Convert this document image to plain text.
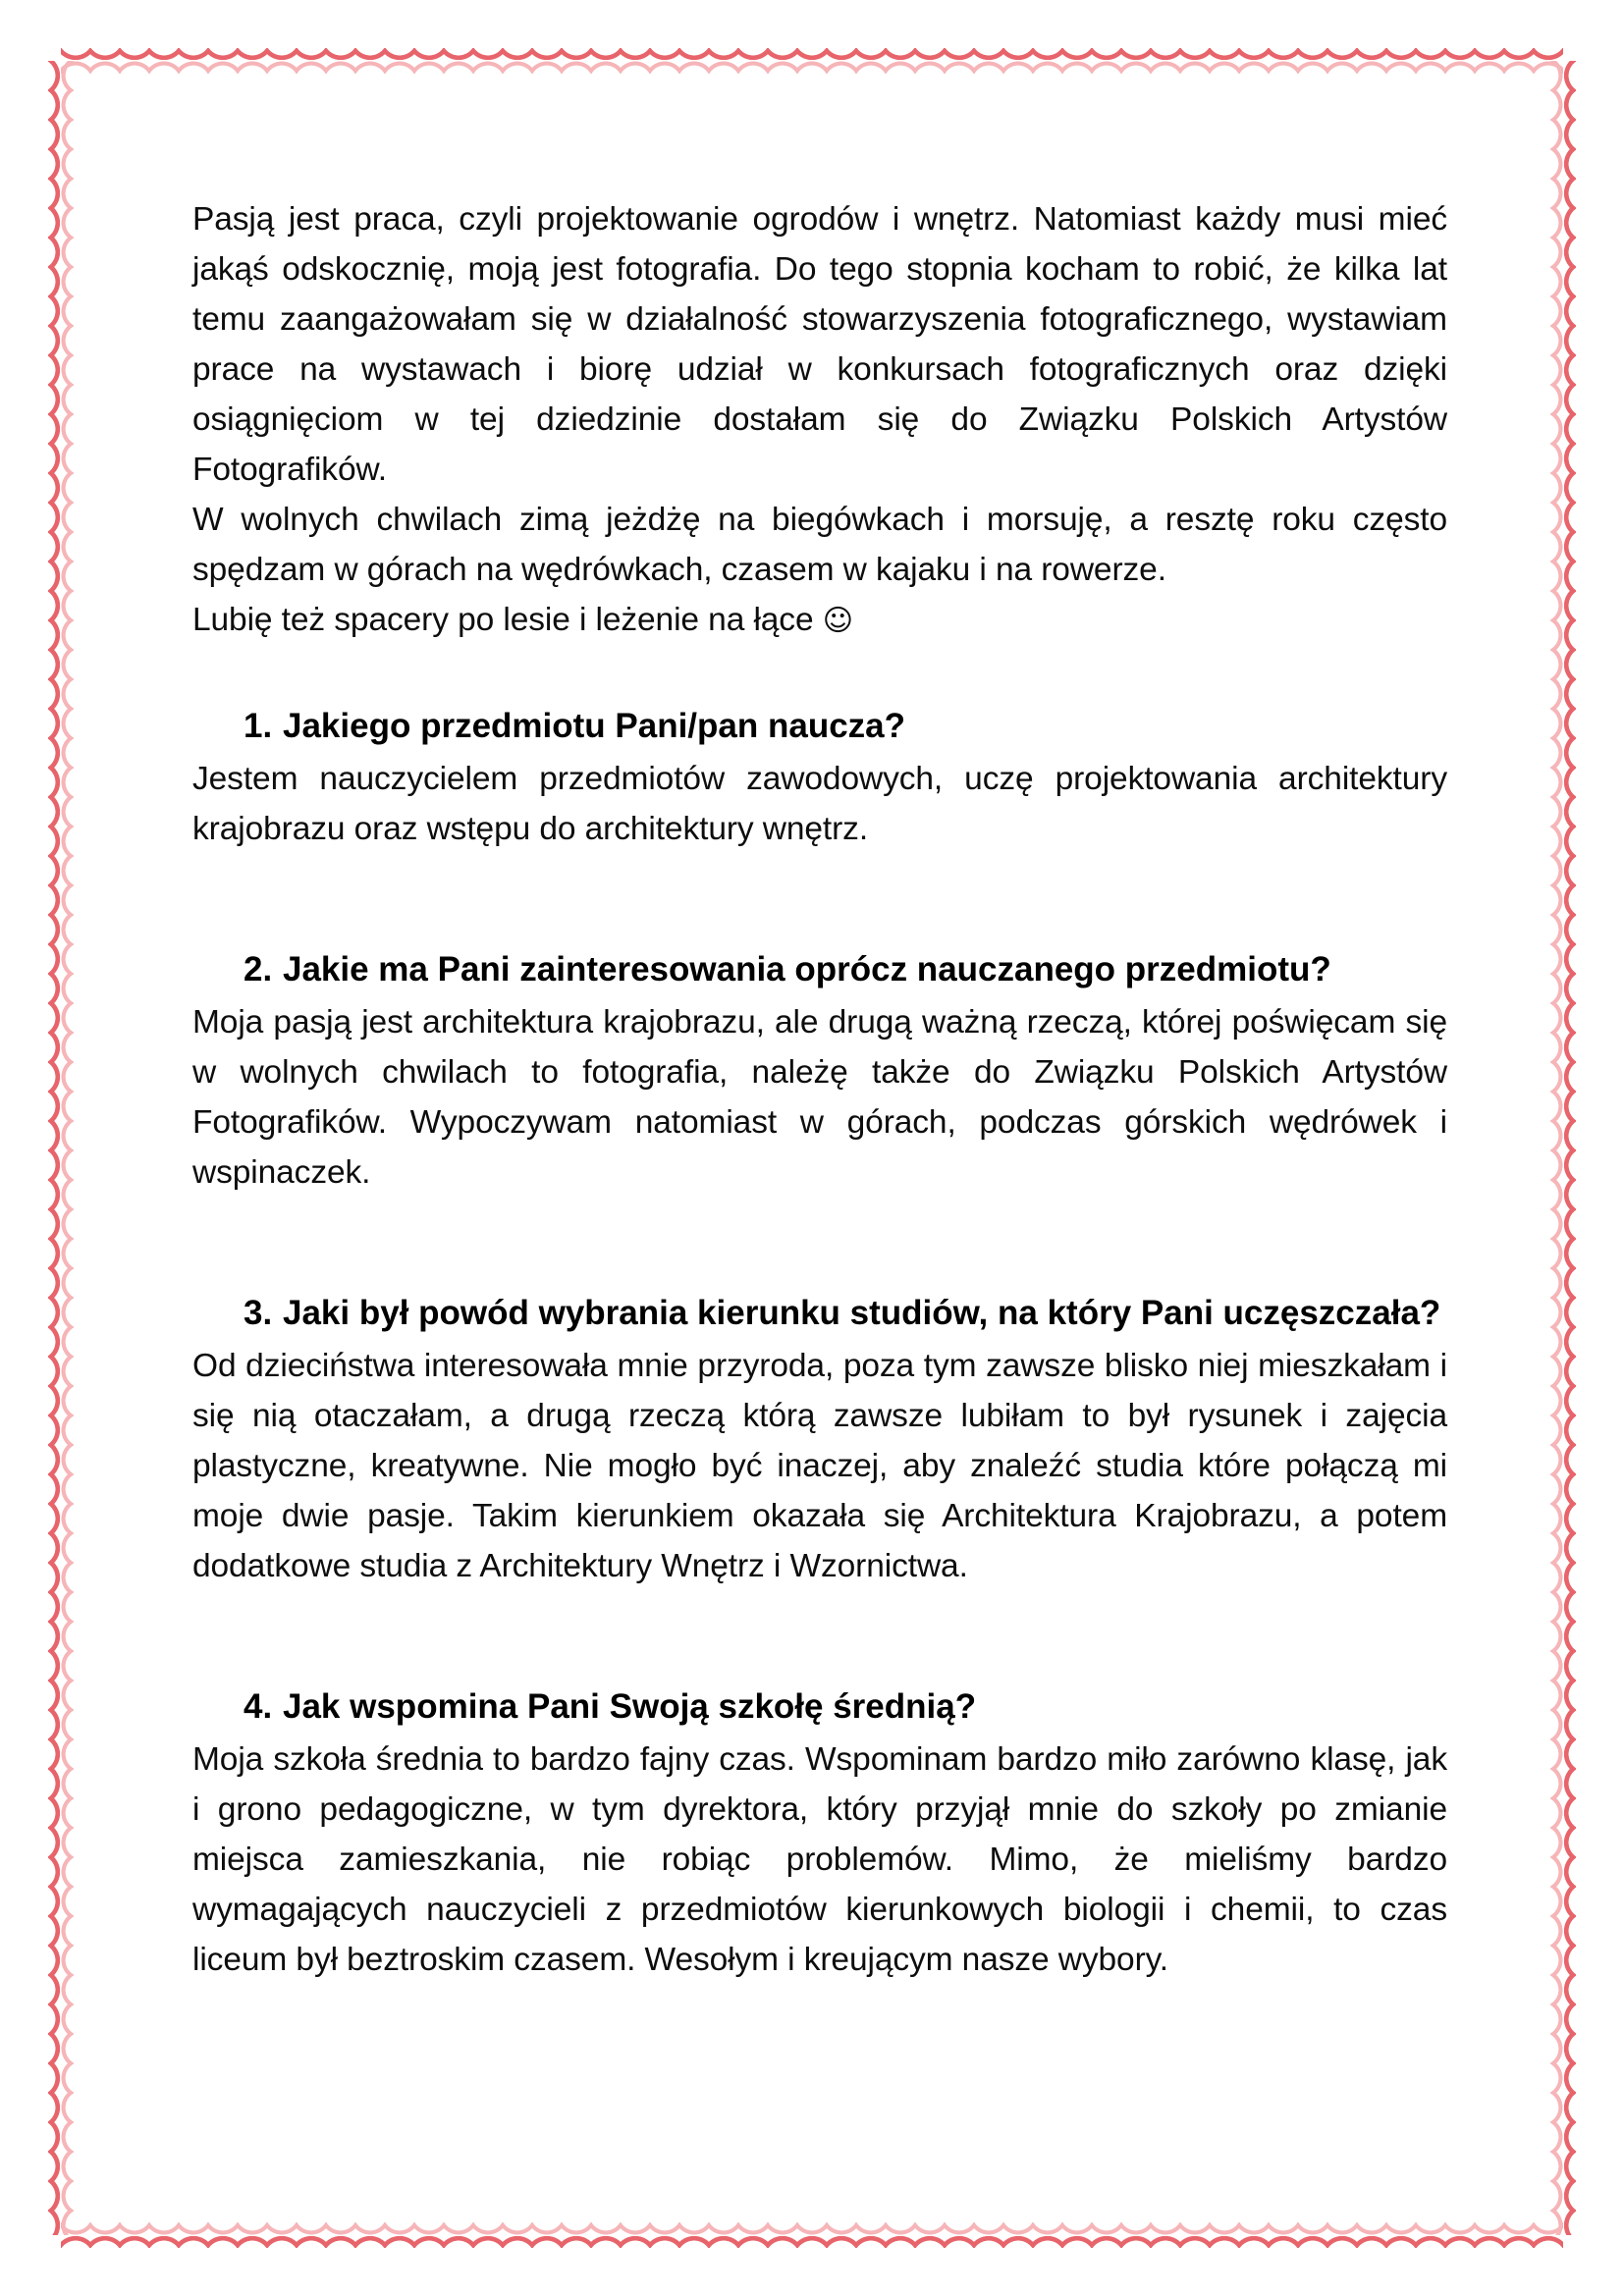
Pasją jest praca, czyli projektowanie ogrodów i wnętrz. Natomiast każdy musi mieć jakąś odskocznię, moją jest fotografia. Do tego stopnia kocham to robić, że kilka lat temu zaangażowałam się w działalność stowarzyszenia fotograficznego, wystawiam prace na wystawach i biorę udział w konkursach fotograficznych oraz dzięki osiągnięciom w tej dziedzinie dostałam się do Związku Polskich Artystów Fotografików.

W wolnych chwilach zimą jeżdżę na biegówkach i morsuję, a resztę roku często spędzam w górach na wędrówkach, czasem w kajaku i na rowerze.

Lubię też spacery po lesie i leżenie na łące ☺

1. Jakiego przedmiotu Pani/pan naucza?

Jestem nauczycielem przedmiotów zawodowych, uczę projektowania architektury krajobrazu oraz wstępu do architektury wnętrz.

2. Jakie ma Pani zainteresowania oprócz nauczanego przedmiotu?

Moja pasją jest architektura krajobrazu, ale drugą ważną rzeczą, której poświęcam się w wolnych chwilach to fotografia, należę także do Związku Polskich Artystów Fotografików. Wypoczywam natomiast w górach, podczas górskich wędrówek i wspinaczek.

3. Jaki był powód wybrania kierunku studiów, na który Pani uczęszczała?

Od dzieciństwa interesowała mnie przyroda, poza tym zawsze blisko niej mieszkałam i się nią otaczałam, a drugą rzeczą którą zawsze lubiłam to był rysunek i zajęcia plastyczne, kreatywne. Nie mogło być inaczej, aby znaleźć studia które połączą mi moje dwie pasje. Takim kierunkiem okazała się Architektura Krajobrazu, a potem dodatkowe studia z Architektury Wnętrz i Wzornictwa.

4. Jak wspomina Pani Swoją szkołę średnią?

Moja szkoła średnia to bardzo fajny czas. Wspominam bardzo miło zarówno klasę, jak i grono pedagogiczne, w tym dyrektora, który przyjął mnie do szkoły po zmianie miejsca zamieszkania, nie robiąc problemów. Mimo, że mieliśmy bardzo wymagających nauczycieli z przedmiotów kierunkowych biologii i chemii, to czas liceum był beztroskim czasem. Wesołym i kreującym nasze wybory.
